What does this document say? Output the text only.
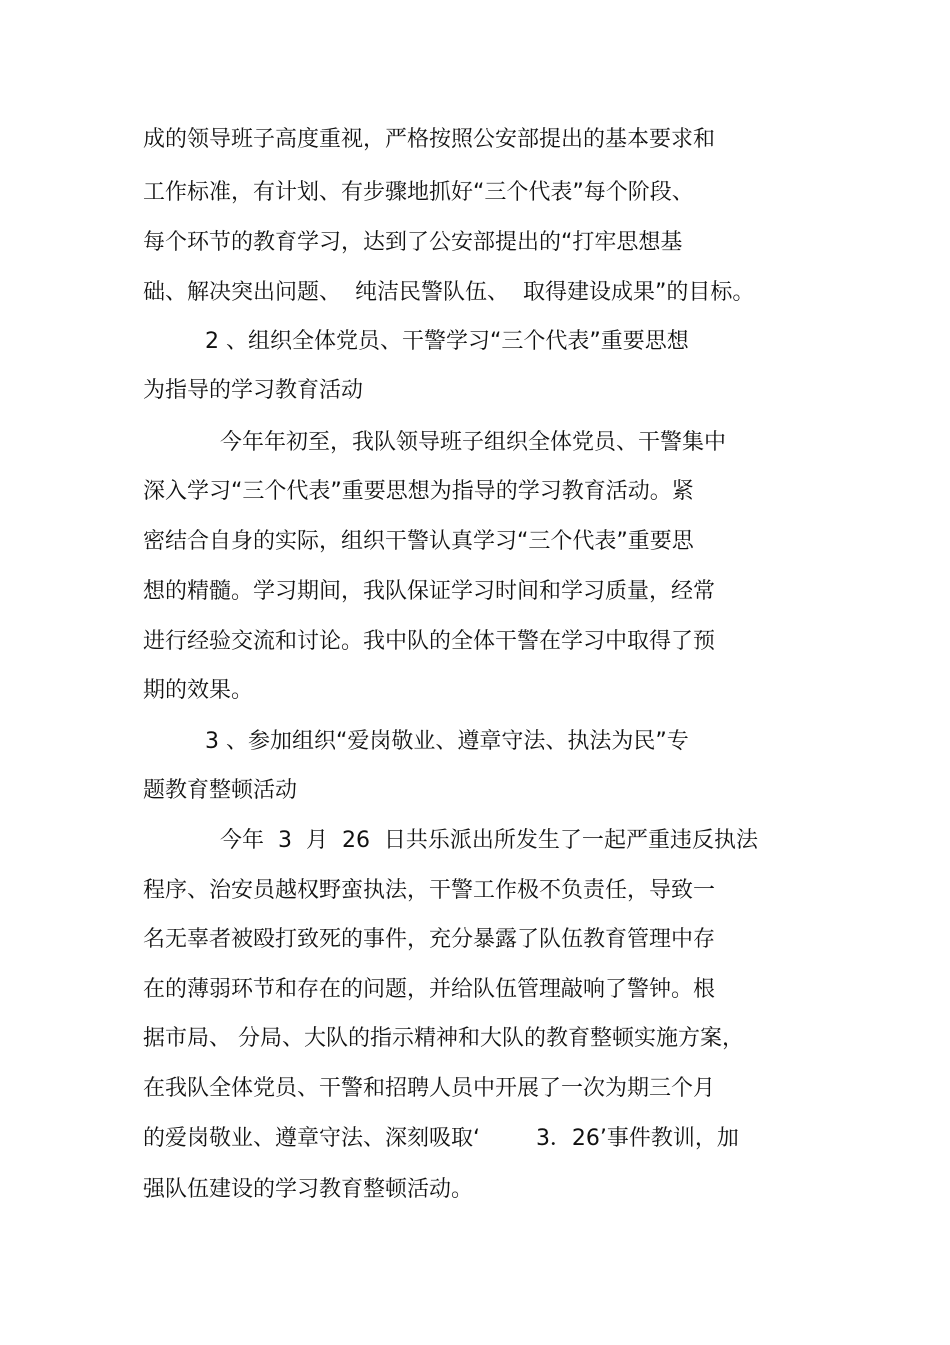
成的领导班子高度重视，严格按照公安部提出的基本要求和
工作标准，有计划、有步骤地抓好“三个代表”每个阶段、
每个环节的教育学习，达到了公安部提出的“打牢思想基
础、解决突出问题、  纯洁民警队伍、  取得建设成果”的目标。
2 、组织全体党员、干警学习“三个代表”重要思想
为指导的学习教育活动
今年年初至，我队领导班子组织全体党员、干警集中
深入学习“三个代表”重要思想为指导的学习教育活动。紧
密结合自身的实际，组织干警认真学习“三个代表”重要思
想的精髓。学习期间，我队保证学习时间和学习质量，经常
进行经验交流和讨论。我中队的全体干警在学习中取得了预
期的效果。
3 、参加组织“爱岗敬业、遵章守法、执法为民”专
题教育整顿活动
今年  3  月  26  日共乐派出所发生了一起严重违反执法
程序、治安员越权野蛮执法，干警工作极不负责任，导致一
名无辜者被殴打致死的事件，充分暴露了队伍教育管理中存
在的薄弱环节和存在的问题，并给队伍管理敲响了警钟。根
据市局、 分局、大队的指示精神和大队的教育整顿实施方案，
在我队全体党员、干警和招聘人员中开展了一次为期三个月
的爱岗敬业、遵章守法、深刻吸取‘        3．26’事件教训，加
强队伍建设的学习教育整顿活动。
